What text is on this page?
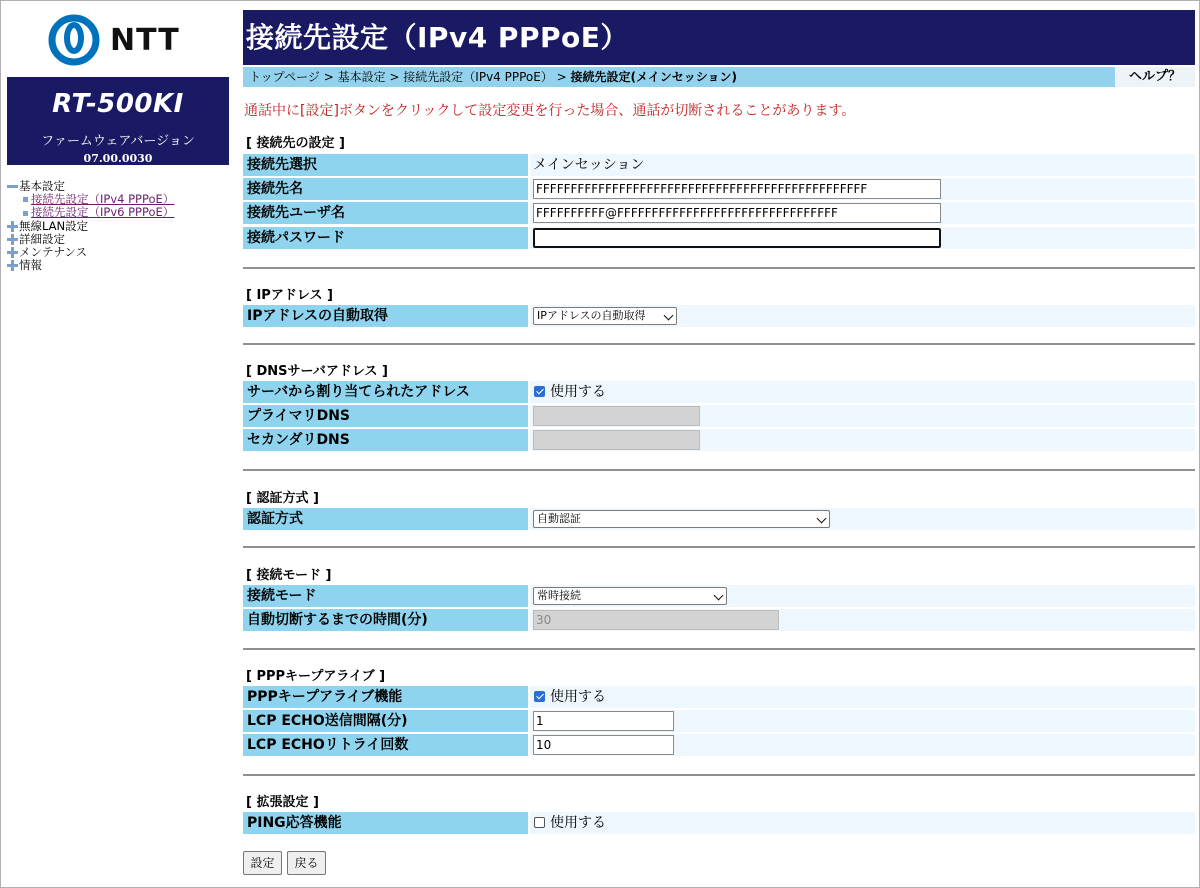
NTT
RT-500KI
ファームウェアバージョン
07.00.0030
基本設定
接続先設定（IPv4 PPPoE）
接続先設定（IPv6 PPPoE）
無線LAN設定
詳細設定
メンテナンス
情報
接続先設定（IPv4 PPPoE）
トップページ > 基本設定 > 接続先設定（IPv4 PPPoE） > 接続先設定(メインセッション)	ヘルプ？
通話中に[設定]ボタンをクリックして設定変更を行った場合、通話が切断されることがあります。
[ 接続先の設定 ]
接続先選択	メインセッション
接続先名	FFFFFFFFFFFFFFFFFFFFFFFFFFFFFFFFFFFFFFFFFFFFFFFF
接続先ユーザ名	FFFFFFFFFF@FFFFFFFFFFFFFFFFFFFFFFFFFFFFFFFF
接続パスワード
[ IPアドレス ]
IPアドレスの自動取得	IPアドレスの自動取得
[ DNSサーバアドレス ]
サーバから割り当てられたアドレス	使用する
プライマリDNS
セカンダリDNS
[ 認証方式 ]
認証方式	自動認証
[ 接続モード ]
接続モード	常時接続
自動切断するまでの時間(分)	30
[ PPPキープアライブ ]
PPPキープアライブ機能	使用する
LCP ECHO送信間隔(分)	1
LCP ECHOリトライ回数	10
[ 拡張設定 ]
PING応答機能	使用する
設定	戻る
